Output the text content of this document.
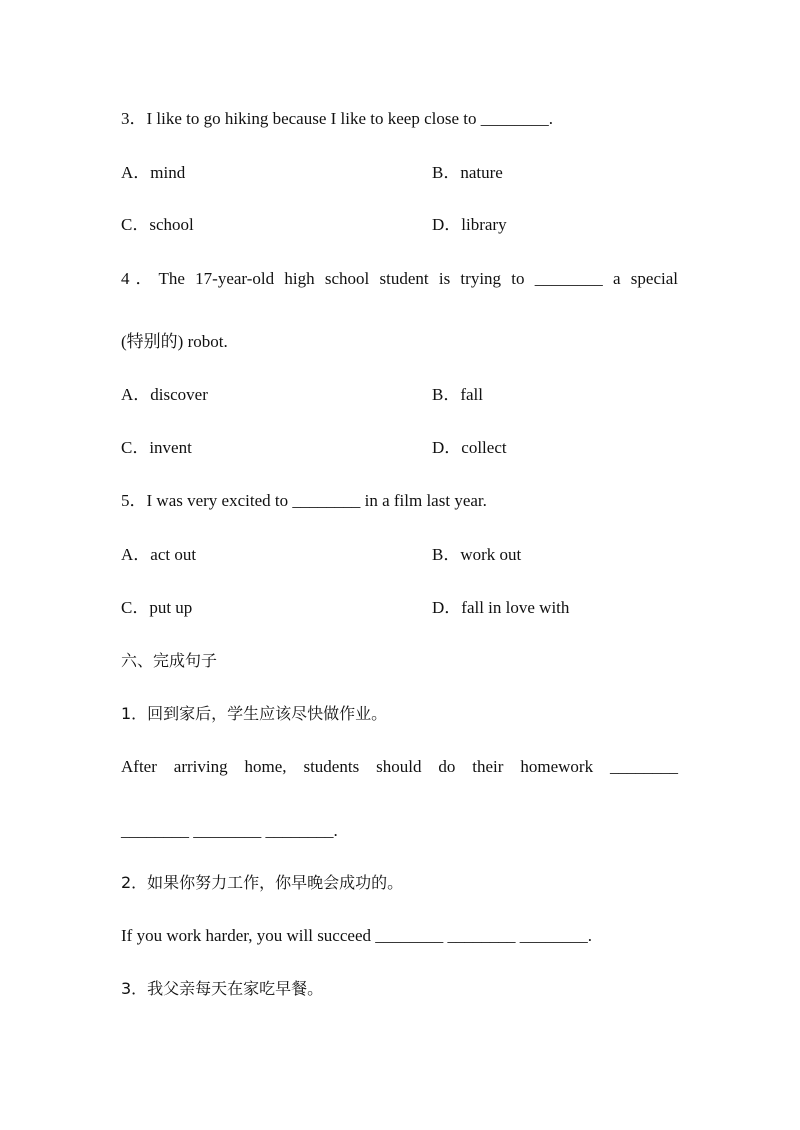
3．I like to go hiking because I like to keep close to ________.
A．mind	B．nature
C．school	D．library
4．The 17-year-old high school student is trying to ________ a special
(特别的) robot.
A．discover	B．fall
C．invent	D．collect
5．I was very excited to ________ in a film last year.
A．act out	B．work out
C．put up	D．fall in love with
六、完成句子
1．回到家后，学生应该尽快做作业。
After arriving home, students should do their homework ________
________ ________ ________.
2．如果你努力工作，你早晚会成功的。
If you work harder, you will succeed ________ ________ ________.
3．我父亲每天在家吃早餐。
